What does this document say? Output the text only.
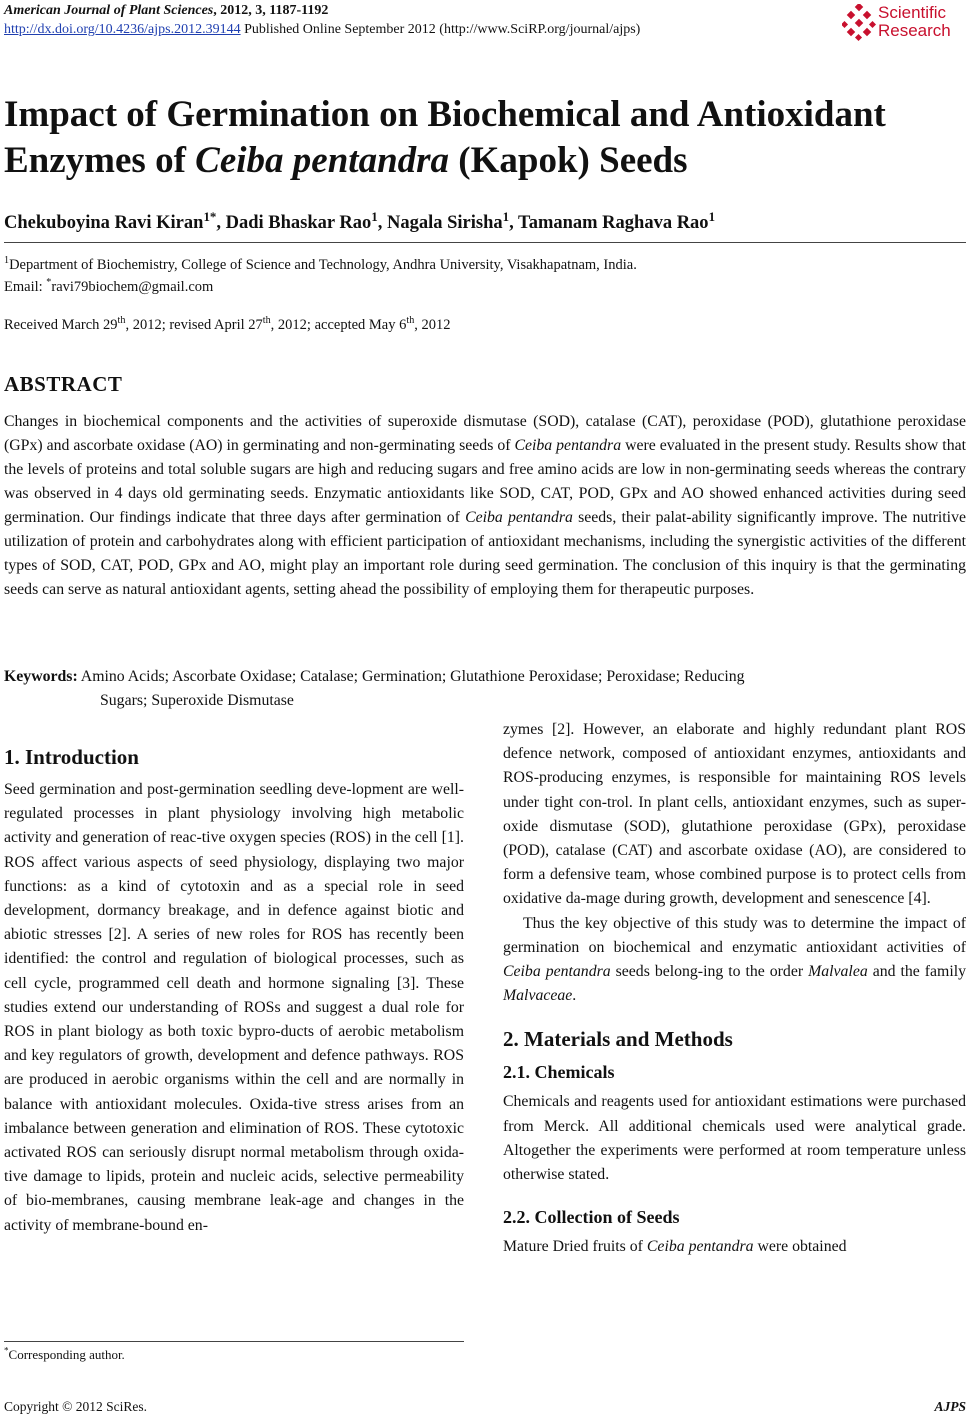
American Journal of Plant Sciences, 2012, 3, 1187-1192
http://dx.doi.org/10.4236/ajps.2012.39144 Published Online September 2012 (http://www.SciRP.org/journal/ajps)
Scientific
Research
Impact of Germination on Biochemical and Antioxidant
Enzymes of Ceiba pentandra (Kapok) Seeds
Chekuboyina Ravi Kiran$^{1*}$, Dadi Bhaskar Rao$^1$, Nagala Sirisha$^1$, Tamanam Raghava Rao$^1$
$^1$Department of Biochemistry, College of Science and Technology, Andhra University, Visakhapatnam, India.
Email: *ravi79biochem@gmail.com
Received March 29th, 2012; revised April 27th, 2012; accepted May 6th, 2012
ABSTRACT
Changes in biochemical components and the activities of superoxide dismutase (SOD), catalase (CAT), peroxidase (POD), glutathione peroxidase (GPx) and ascorbate oxidase (AO) in germinating and non-germinating seeds of Ceiba pentandra were evaluated in the present study. Results show that the levels of proteins and total soluble sugars are high and reducing sugars and free amino acids are low in non-germinating seeds whereas the contrary was observed in 4 days old germinating seeds. Enzymatic antioxidants like SOD, CAT, POD, GPx and AO showed enhanced activities during seed germination. Our findings indicate that three days after germination of Ceiba pentandra seeds, their palat-ability significantly improve. The nutritive utilization of protein and carbohydrates along with efficient participation of antioxidant mechanisms, including the synergistic activities of the different types of SOD, CAT, POD, GPx and AO, might play an important role during seed germination. The conclusion of this inquiry is that the germinating seeds can serve as natural antioxidant agents, setting ahead the possibility of employing them for therapeutic purposes.
Keywords: Amino Acids; Ascorbate Oxidase; Catalase; Germination; Glutathione Peroxidase; Peroxidase; Reducing
Sugars; Superoxide Dismutase
1. Introduction

Seed germination and post-germination seedling deve-lopment are well-regulated processes in plant physiology involving high metabolic activity and generation of reac-tive oxygen species (ROS) in the cell [1]. ROS affect various aspects of seed physiology, displaying two major functions: as a kind of cytotoxin and as a special role in seed development, dormancy breakage, and in defence against biotic and abiotic stresses [2]. A series of new roles for ROS has recently been identified: the control and regulation of biological processes, such as cell cycle, programmed cell death and hormone signaling [3]. These studies extend our understanding of ROSs and suggest a dual role for ROS in plant biology as both toxic bypro-ducts of aerobic metabolism and key regulators of growth, development and defence pathways. ROS are produced in aerobic organisms within the cell and are normally in balance with antioxidant molecules. Oxida-tive stress arises from an imbalance between generation and elimination of ROS. These cytotoxic activated ROS can seriously disrupt normal metabolism through oxida-tive damage to lipids, protein and nucleic acids, selective permeability of bio-membranes, causing membrane leak-age and changes in the activity of membrane-bound en-

zymes [2]. However, an elaborate and highly redundant plant ROS defence network, composed of antioxidant enzymes, antioxidants and ROS-producing enzymes, is responsible for maintaining ROS levels under tight con-trol. In plant cells, antioxidant enzymes, such as super-oxide dismutase (SOD), glutathione peroxidase (GPx), peroxidase (POD), catalase (CAT) and ascorbate oxidase (AO), are considered to form a defensive team, whose combined purpose is to protect cells from oxidative da-mage during growth, development and senescence [4].

Thus the key objective of this study was to determine the impact of germination on biochemical and enzymatic antioxidant activities of Ceiba pentandra seeds belong-ing to the order Malvalea and the family Malvaceae.

2. Materials and Methods
2.1. Chemicals

Chemicals and reagents used for antioxidant estimations were purchased from Merck. All additional chemicals used were analytical grade. Altogether the experiments were performed at room temperature unless otherwise stated.

2.2. Collection of Seeds

Mature Dried fruits of Ceiba pentandra were obtained

*Corresponding author.
Copyright © 2012 SciRes.	AJPS
